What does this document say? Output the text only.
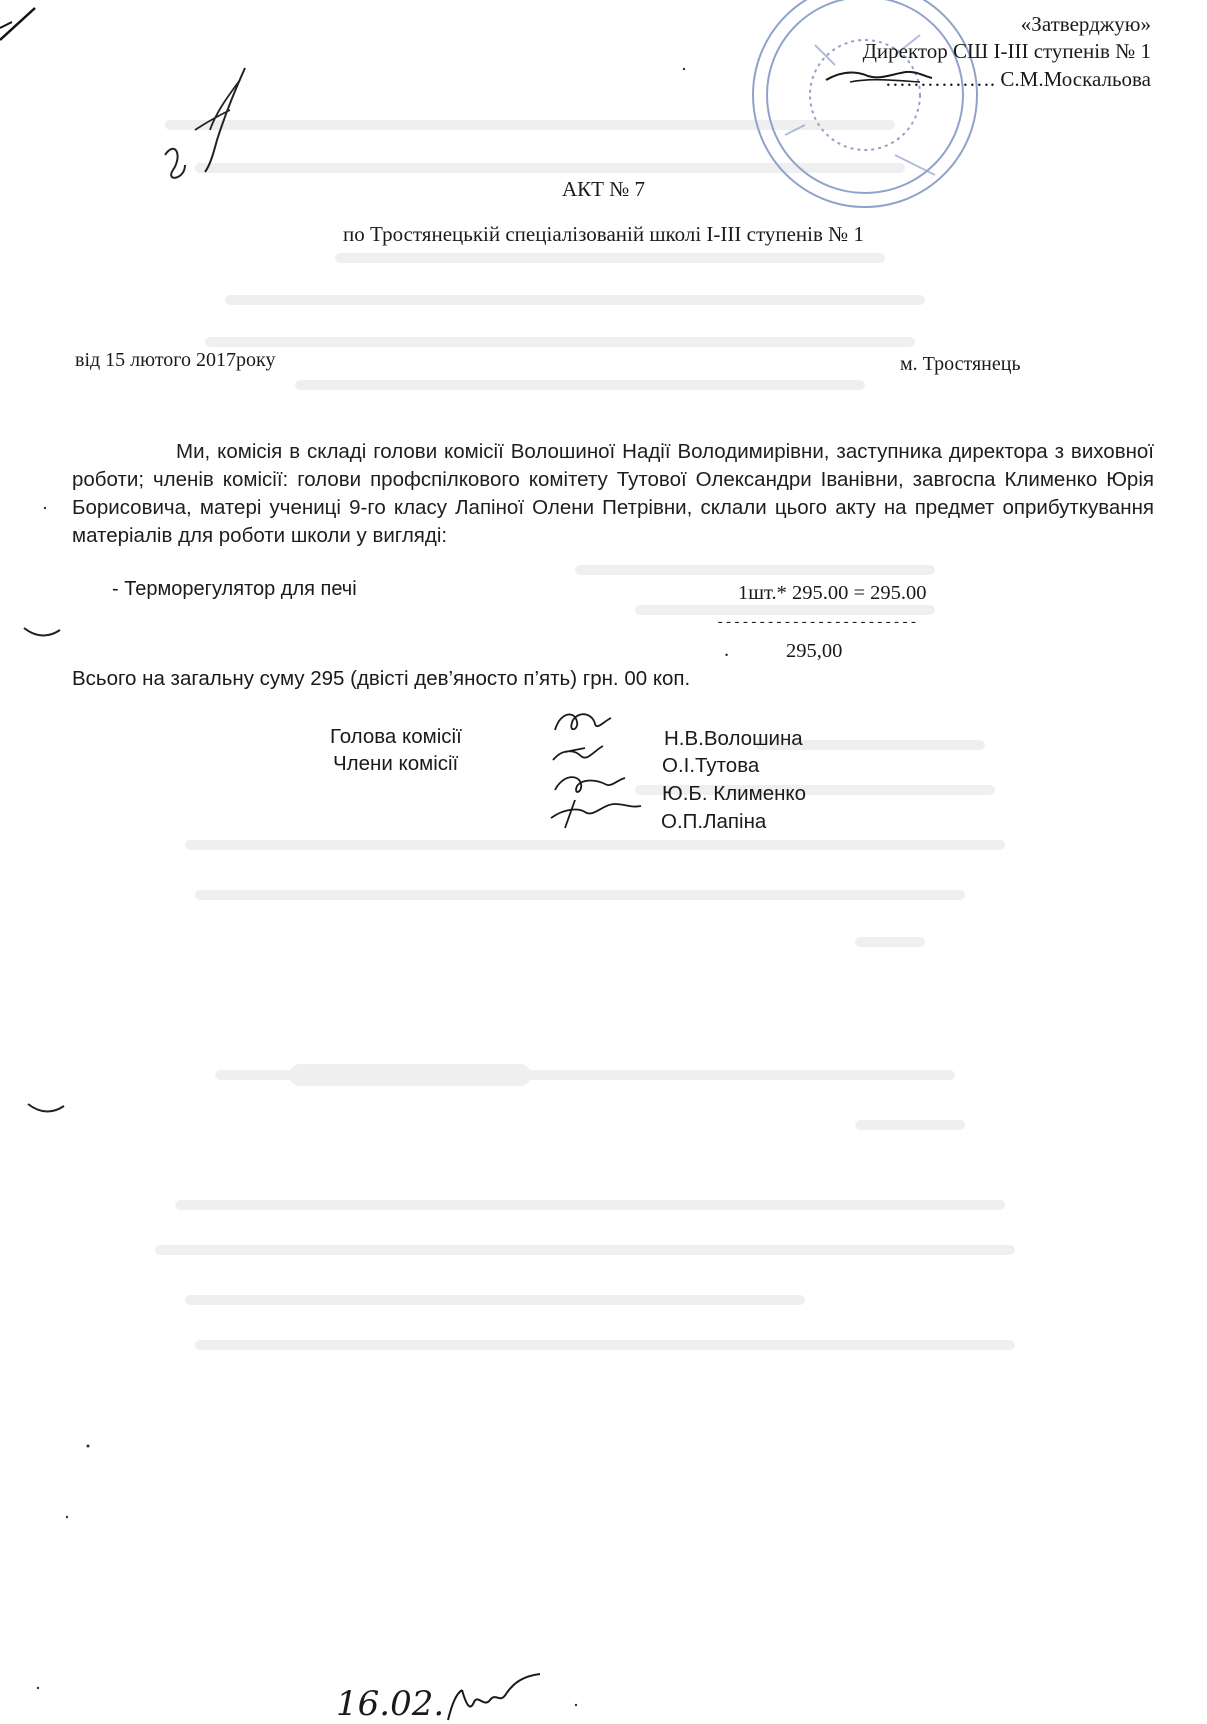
«Затверджую»
Директор СШ I-III ступенів № 1
……………. С.М.Москальова
АКТ № 7
по Тростянецькій спеціалізованій школі І-ІІІ ступенів № 1
від 15 лютого 2017року	м. Тростянець
Ми, комісія в складі голови комісії Волошиної Надії Володимирівни, заступника директора з виховної роботи; членів комісії: голови профспілкового комітету Тутової Олександри Іванівни, завгоспа Клименко Юрія Борисовича, матері учениці 9-го класу Лапіної Олени Петрівни, склали цього акту на предмет оприбуткування матеріалів для роботи школи у вигляді:
- Терморегулятор для печі	1шт.* 295.00 = 295.00
------------------------
.	295,00
Всього на загальну суму 295 (двісті дев’яносто п’ять) грн. 00 коп.
Голова комісії
Члени комісії
Н.В.Волошина
О.І.Тутова
Ю.Б. Клименко
О.П.Лапіна
16.02.
